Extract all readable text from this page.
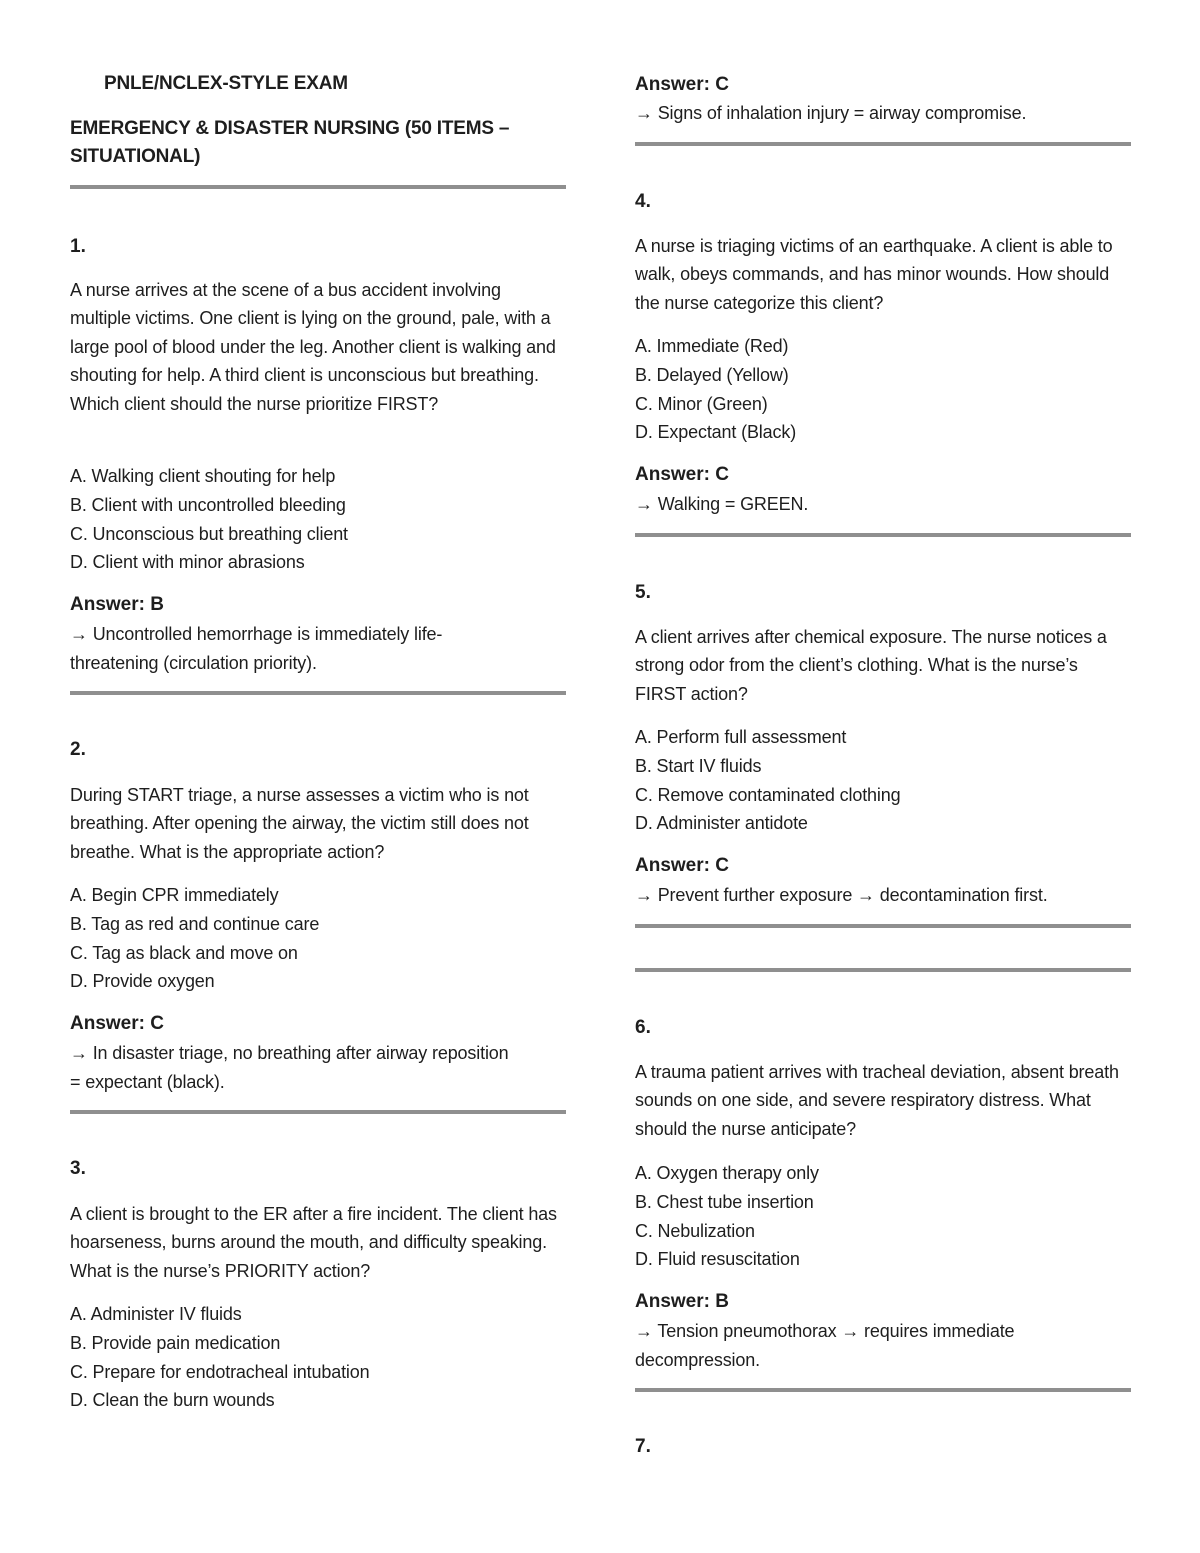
PNLE/NCLEX-STYLE EXAM
EMERGENCY & DISASTER NURSING (50 ITEMS – SITUATIONAL)
1.
A nurse arrives at the scene of a bus accident involving multiple victims. One client is lying on the ground, pale, with a large pool of blood under the leg. Another client is walking and shouting for help. A third client is unconscious but breathing. Which client should the nurse prioritize FIRST?
A. Walking client shouting for help
B. Client with uncontrolled bleeding
C. Unconscious but breathing client
D. Client with minor abrasions
Answer: B
→ Uncontrolled hemorrhage is immediately life-threatening (circulation priority).
2.
During START triage, a nurse assesses a victim who is not breathing. After opening the airway, the victim still does not breathe. What is the appropriate action?
A. Begin CPR immediately
B. Tag as red and continue care
C. Tag as black and move on
D. Provide oxygen
Answer: C
→ In disaster triage, no breathing after airway reposition = expectant (black).
3.
A client is brought to the ER after a fire incident. The client has hoarseness, burns around the mouth, and difficulty speaking. What is the nurse’s PRIORITY action?
A. Administer IV fluids
B. Provide pain medication
C. Prepare for endotracheal intubation
D. Clean the burn wounds
Answer: C
→ Signs of inhalation injury = airway compromise.
4.
A nurse is triaging victims of an earthquake. A client is able to walk, obeys commands, and has minor wounds. How should the nurse categorize this client?
A. Immediate (Red)
B. Delayed (Yellow)
C. Minor (Green)
D. Expectant (Black)
Answer: C
→ Walking = GREEN.
5.
A client arrives after chemical exposure. The nurse notices a strong odor from the client’s clothing. What is the nurse’s FIRST action?
A. Perform full assessment
B. Start IV fluids
C. Remove contaminated clothing
D. Administer antidote
Answer: C
→ Prevent further exposure → decontamination first.
6.
A trauma patient arrives with tracheal deviation, absent breath sounds on one side, and severe respiratory distress. What should the nurse anticipate?
A. Oxygen therapy only
B. Chest tube insertion
C. Nebulization
D. Fluid resuscitation
Answer: B
→ Tension pneumothorax → requires immediate decompression.
7.
